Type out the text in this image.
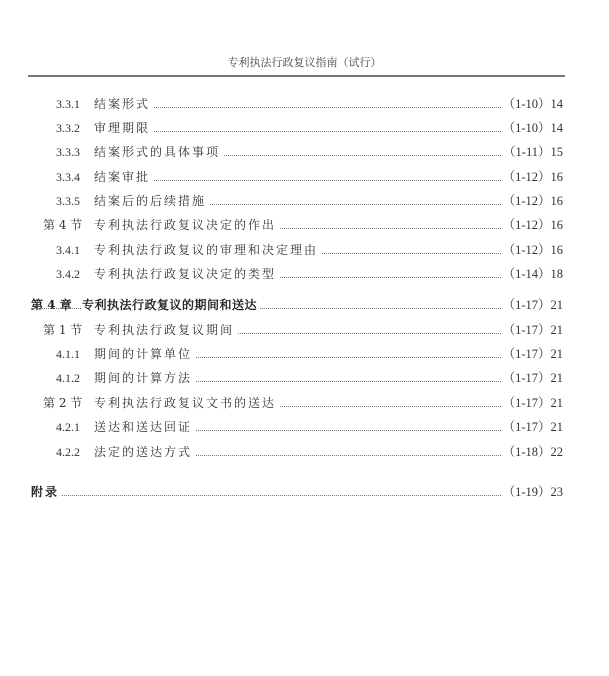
专利执法行政复议指南（试行）
3.3.1 结案形式	（1-10）14
3.3.2 审理期限	（1-10）14
3.3.3 结案形式的具体事项	（1-11）15
3.3.4 结案审批	（1-12）16
3.3.5 结案后的后续措施	（1-12）16
第 4 节 专利执法行政复议决定的作出	（1-12）16
3.4.1 专利执法行政复议的审理和决定理由	（1-12）16
3.4.2 专利执法行政复议决定的类型	（1-14）18
第 4 章 专利执法行政复议的期间和送达	（1-17）21
第 1 节 专利执法行政复议期间	（1-17）21
4.1.1 期间的计算单位	（1-17）21
4.1.2 期间的计算方法	（1-17）21
第 2 节 专利执法行政复议文书的送达	（1-17）21
4.2.1 送达和送达回证	（1-17）21
4.2.2 法定的送达方式	（1-18）22
附录	（1-19）23
